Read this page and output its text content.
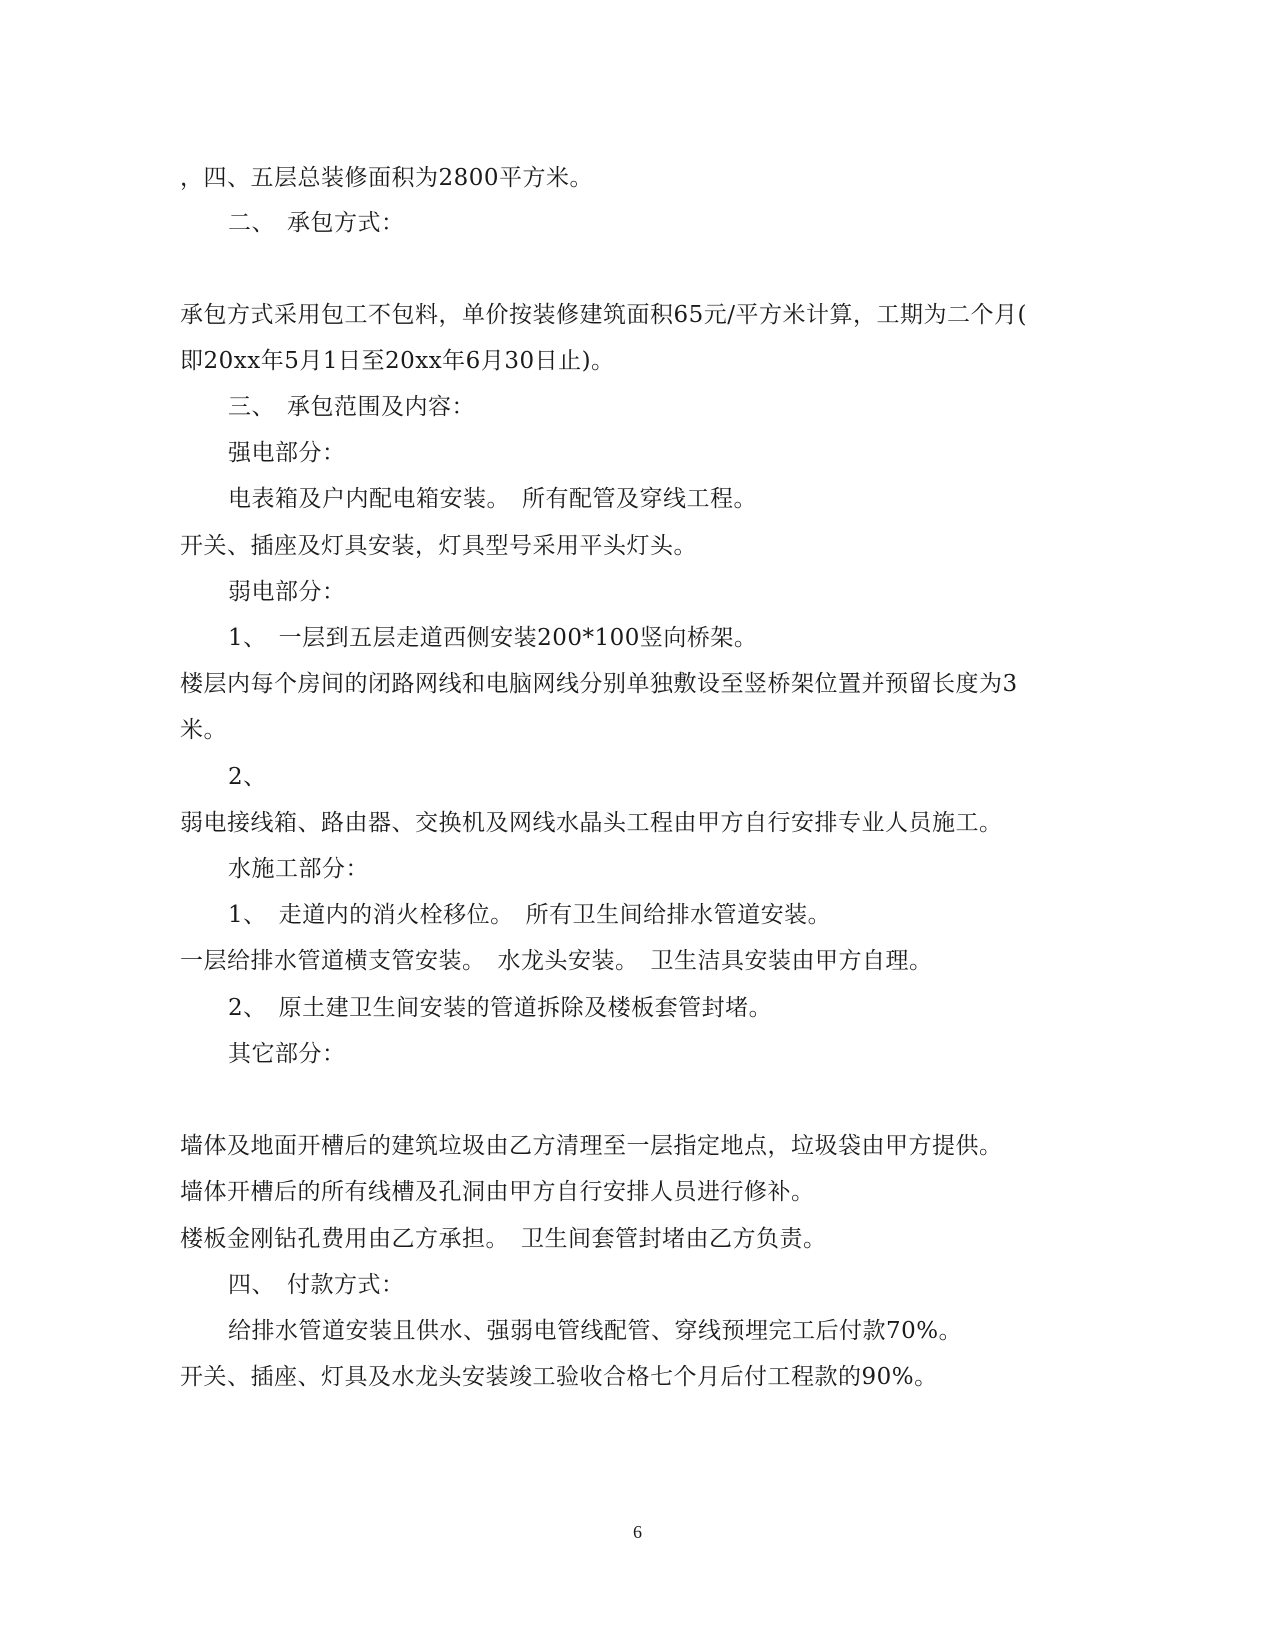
，四、五层总装修面积为2800平方米。
二、　承包方式：
承包方式采用包工不包料，单价按装修建筑面积65元/平方米计算，工期为二个月(
即20xx年5月1日至20xx年6月30日止)。
三、　承包范围及内容：
强电部分：
电表箱及户内配电箱安装。　所有配管及穿线工程。
开关、插座及灯具安装，灯具型号采用平头灯头。
弱电部分：
1、　一层到五层走道西侧安装200*100竖向桥架。
楼层内每个房间的闭路网线和电脑网线分别单独敷设至竖桥架位置并预留长度为3
米。
2、
弱电接线箱、路由器、交换机及网线水晶头工程由甲方自行安排专业人员施工。
水施工部分：
1、　走道内的消火栓移位。　所有卫生间给排水管道安装。
一层给排水管道横支管安装。　水龙头安装。　卫生洁具安装由甲方自理。
2、　原土建卫生间安装的管道拆除及楼板套管封堵。
其它部分：
墙体及地面开槽后的建筑垃圾由乙方清理至一层指定地点，垃圾袋由甲方提供。
墙体开槽后的所有线槽及孔洞由甲方自行安排人员进行修补。
楼板金刚钻孔费用由乙方承担。　卫生间套管封堵由乙方负责。
四、　付款方式：
给排水管道安装且供水、强弱电管线配管、穿线预埋完工后付款70%。
开关、插座、灯具及水龙头安装竣工验收合格七个月后付工程款的90%。
6
